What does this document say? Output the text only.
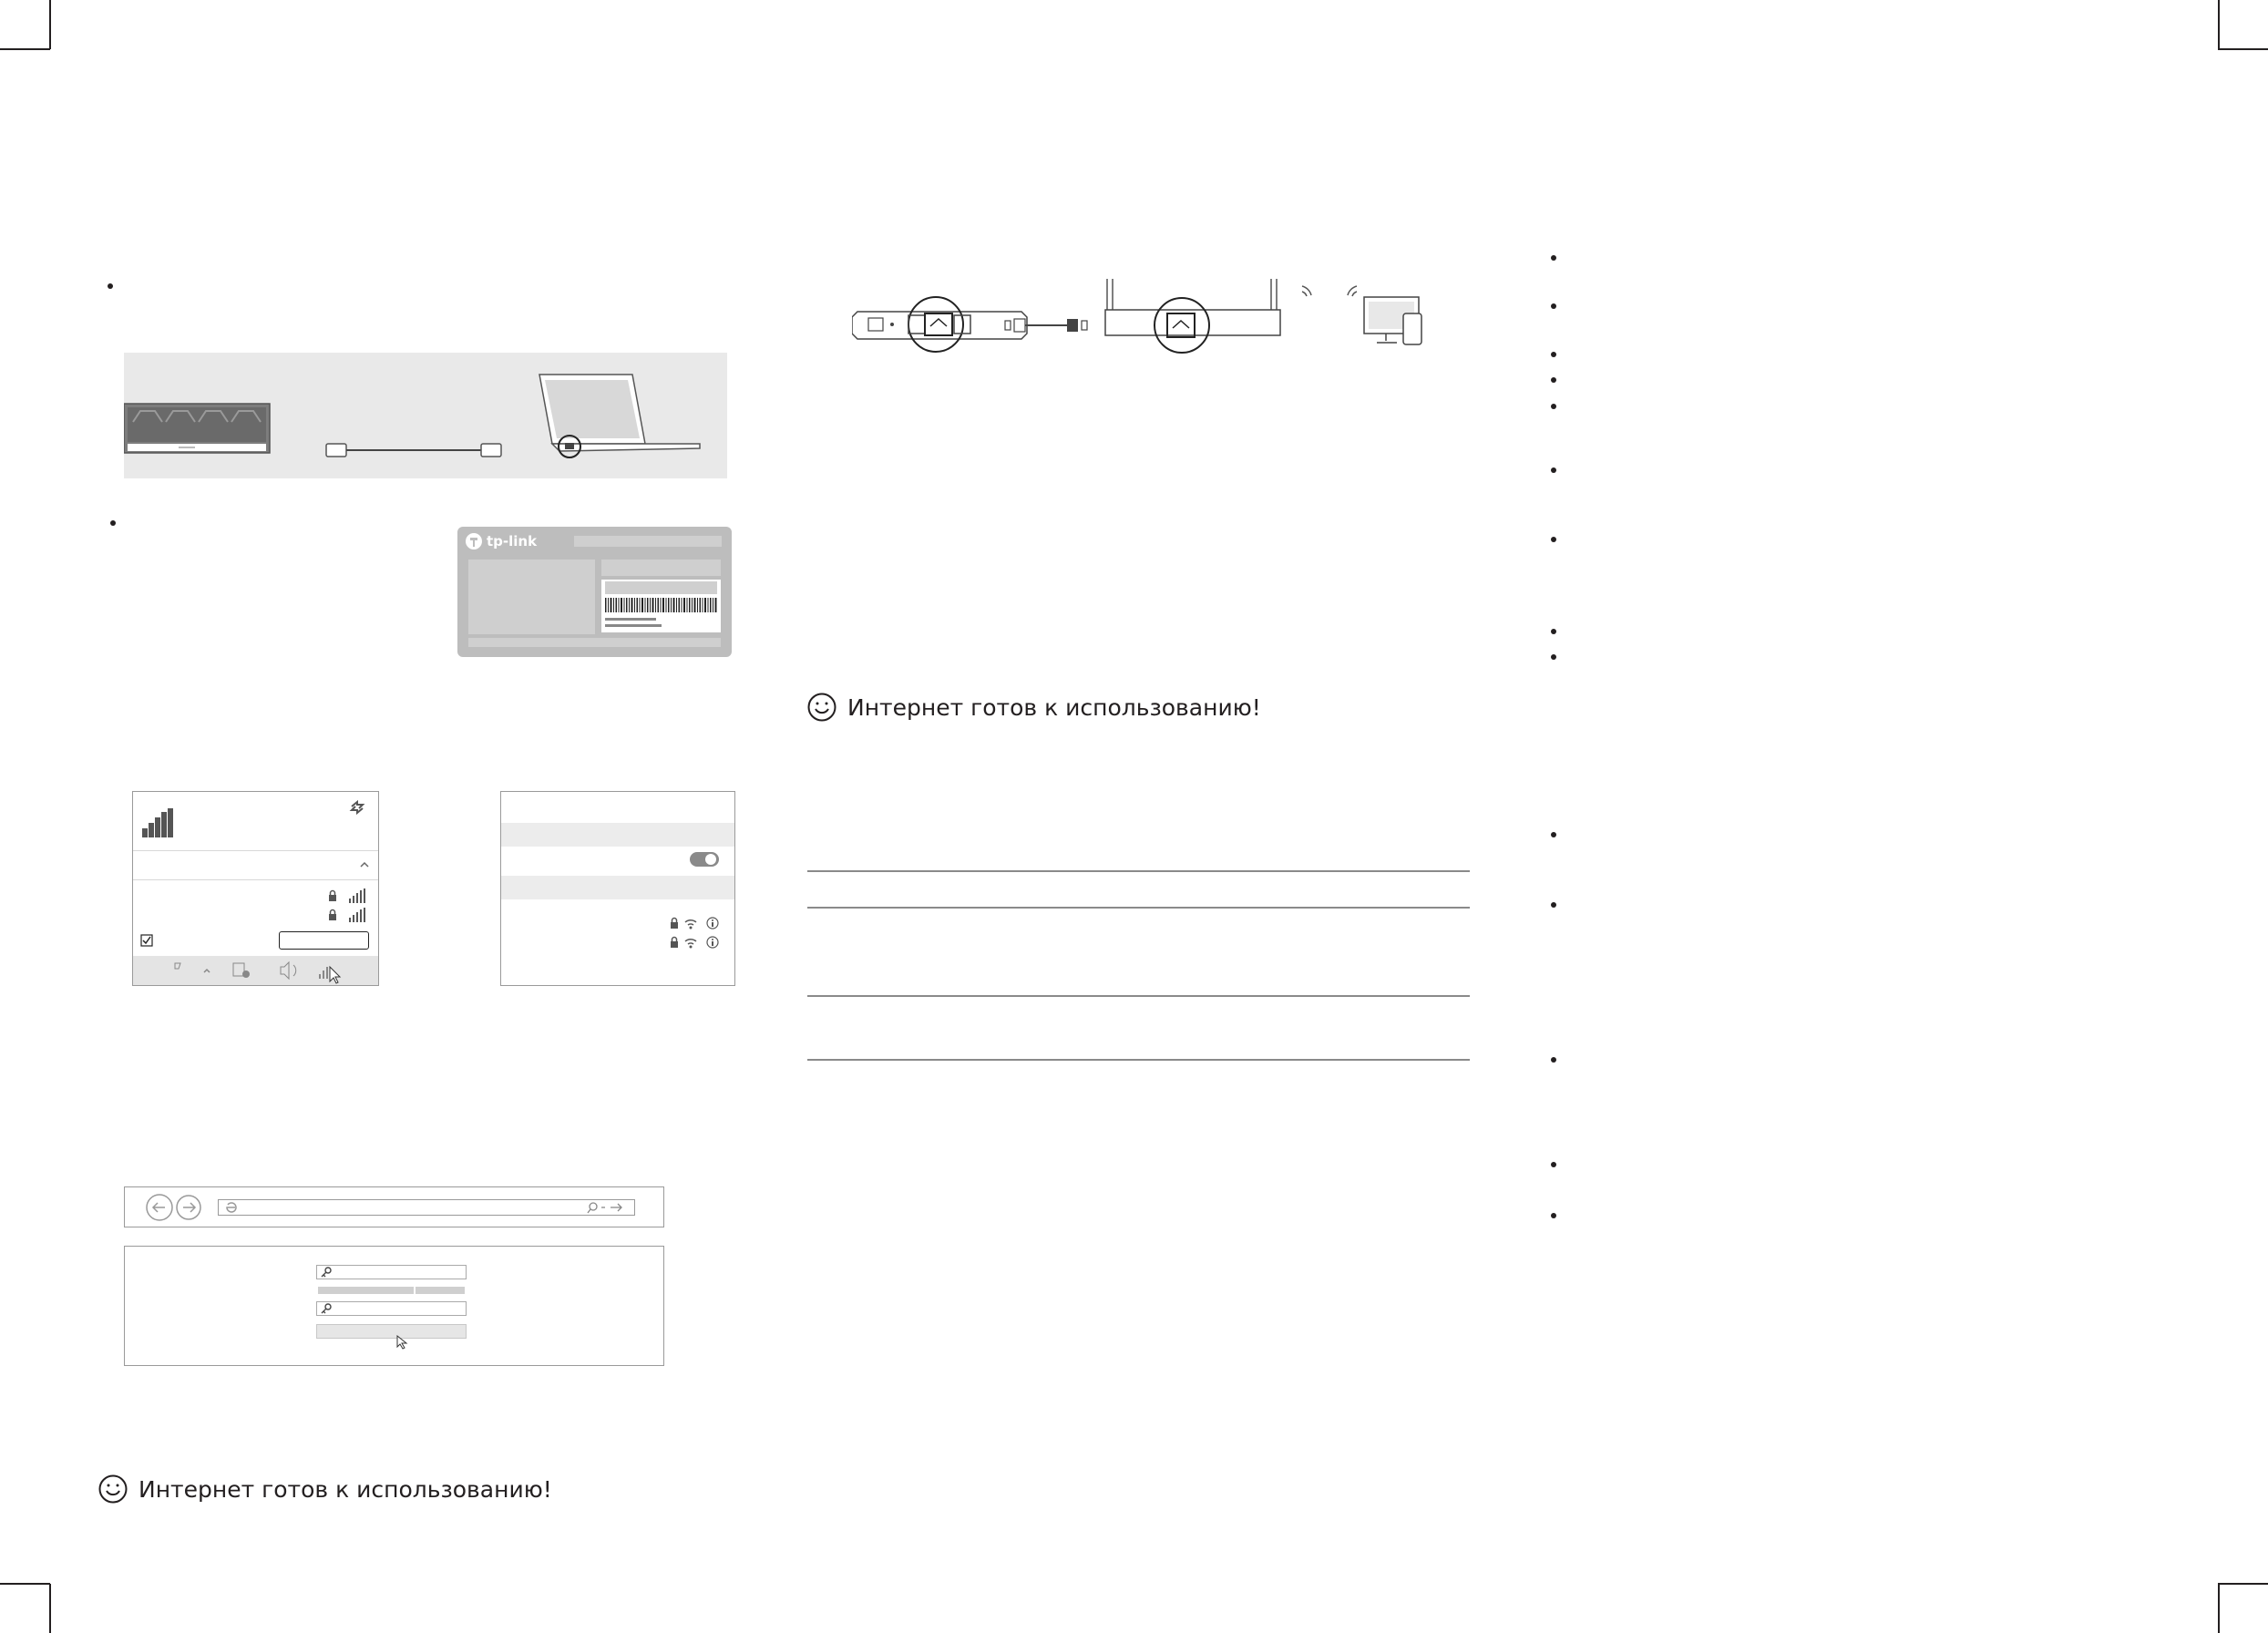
tp-link
Интернет готов к использованию!
Интернет готов к использованию!
